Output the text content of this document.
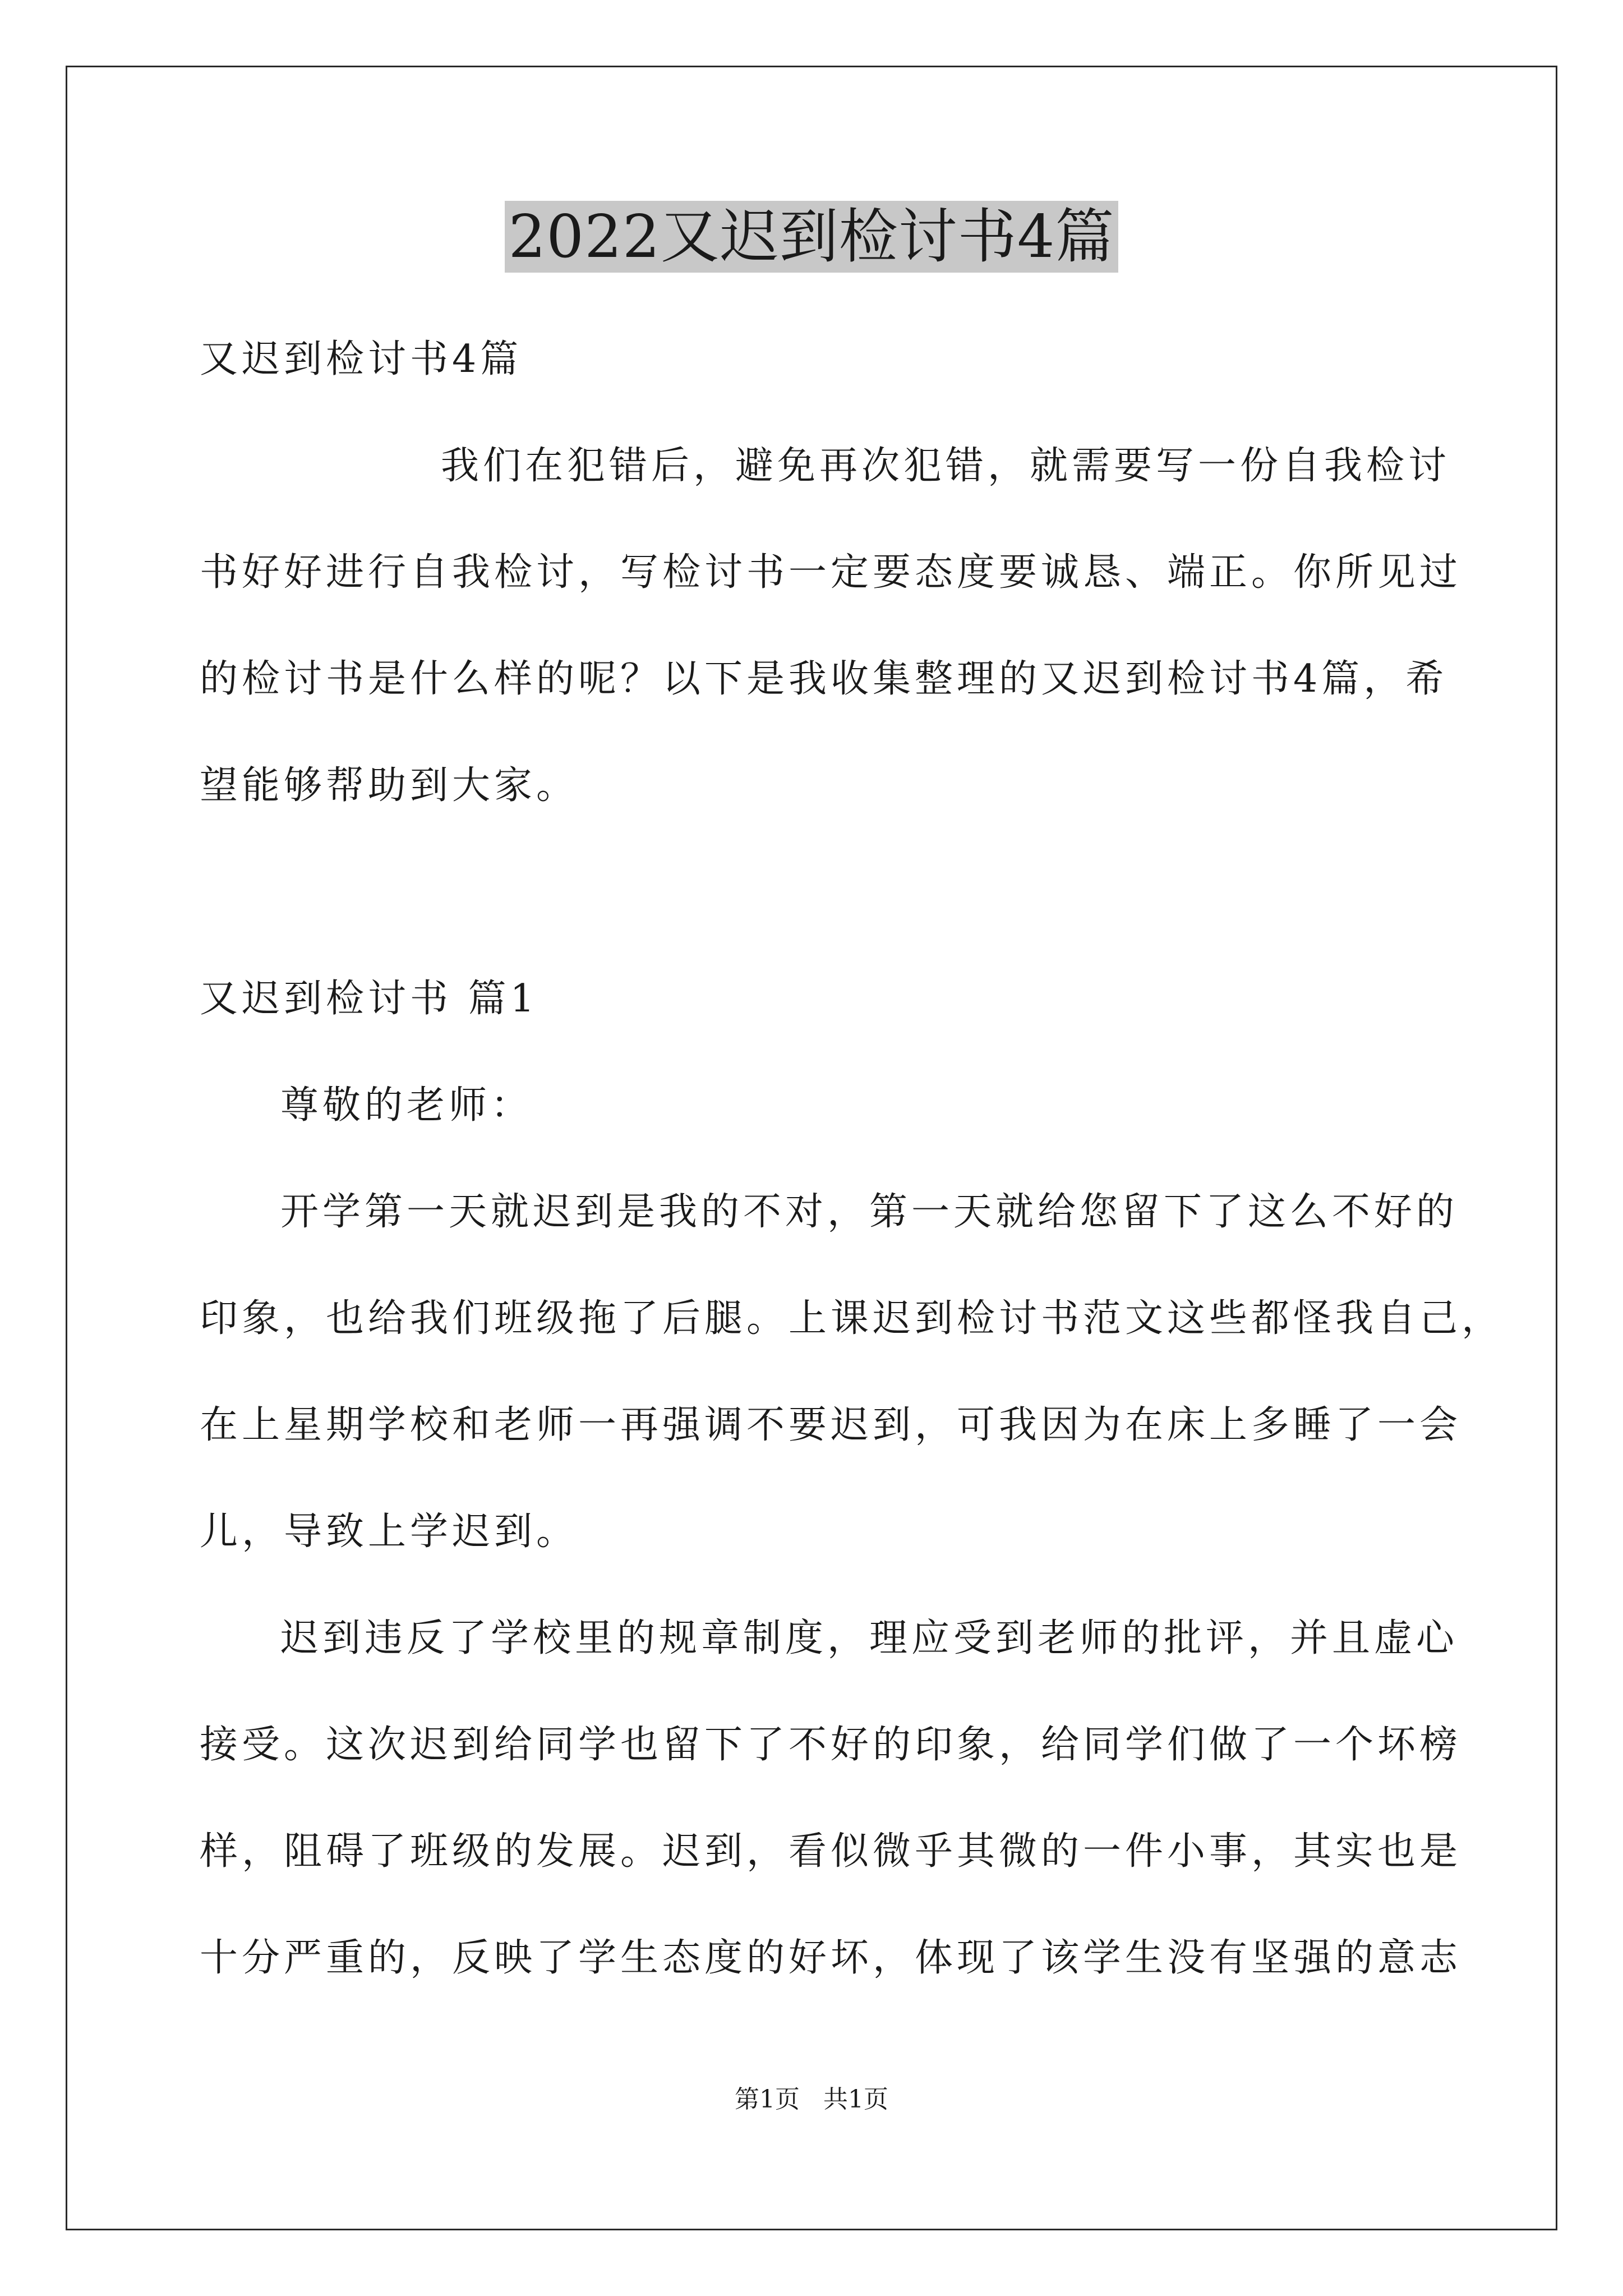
2022又迟到检讨书4篇
又迟到检讨书4篇
我们在犯错后，避免再次犯错，就需要写一份自我检讨
书好好进行自我检讨，写检讨书一定要态度要诚恳、端正。你所见过
的检讨书是什么样的呢？以下是我收集整理的又迟到检讨书4篇，希
望能够帮助到大家。
又迟到检讨书 篇1
尊敬的老师：
开学第一天就迟到是我的不对，第一天就给您留下了这么不好的
印象，也给我们班级拖了后腿。上课迟到检讨书范文这些都怪我自己，
在上星期学校和老师一再强调不要迟到，可我因为在床上多睡了一会
儿，导致上学迟到。
迟到违反了学校里的规章制度，理应受到老师的批评，并且虚心
接受。这次迟到给同学也留下了不好的印象，给同学们做了一个坏榜
样，阻碍了班级的发展。迟到，看似微乎其微的一件小事，其实也是
十分严重的，反映了学生态度的好坏，体现了该学生没有坚强的意志
第1页   共1页
